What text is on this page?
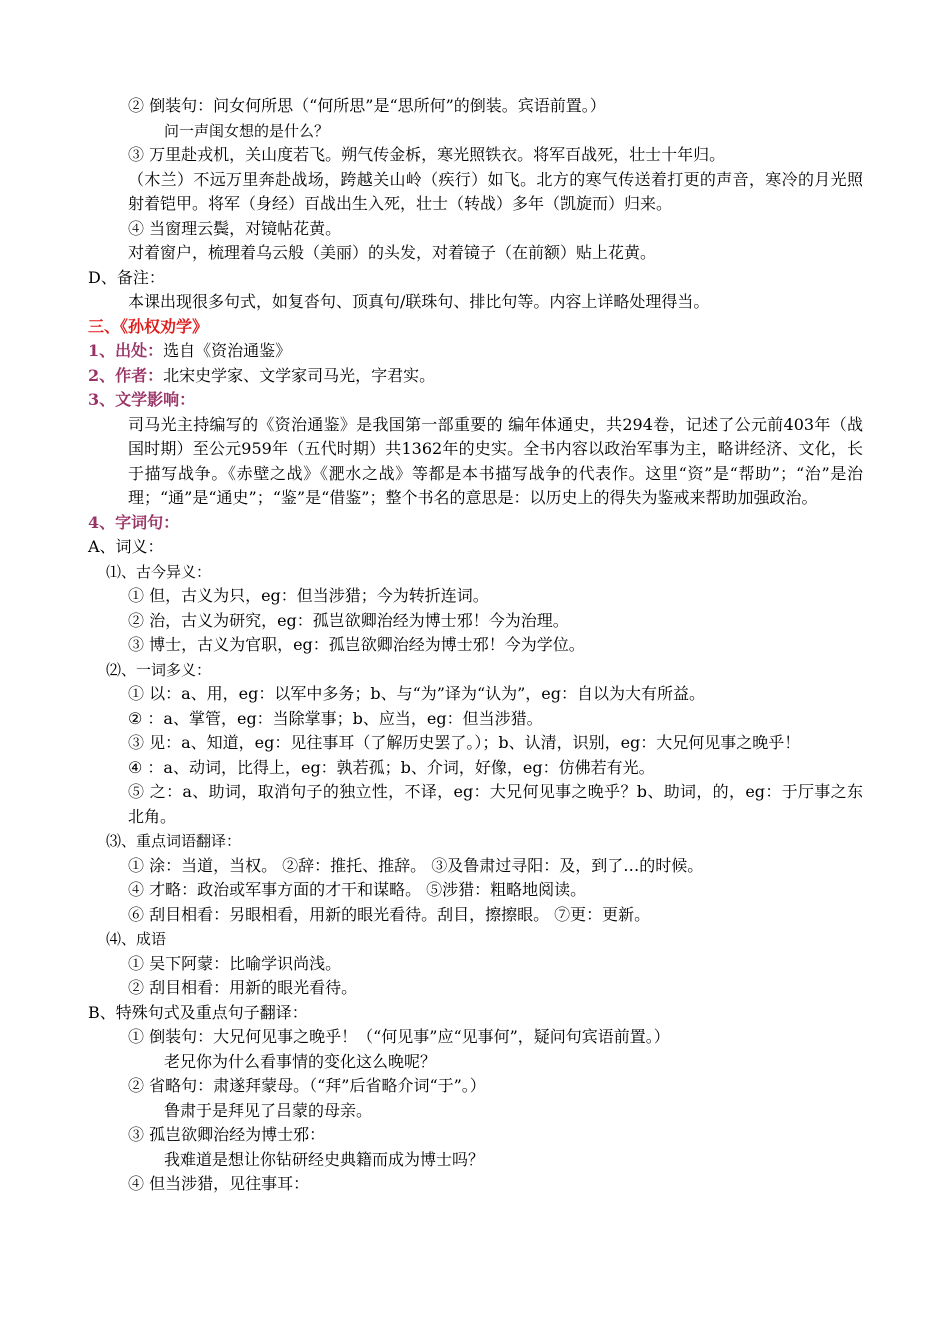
② 倒装句：问女何所思（“何所思”是“思所何”的倒装。宾语前置。）
问一声闺女想的是什么？
③ 万里赴戎机，关山度若飞。朔气传金柝，寒光照铁衣。将军百战死，壮士十年归。
（木兰）不远万里奔赴战场，跨越关山岭（疾行）如飞。北方的寒气传送着打更的声音，寒冷的月光照射着铠甲。将军（身经）百战出生入死，壮士（转战）多年（凯旋而）归来。
④ 当窗理云鬓，对镜帖花黄。
对着窗户，梳理着乌云般（美丽）的头发，对着镜子（在前额）贴上花黄。
D、备注：
本课出现很多句式，如复沓句、顶真句/联珠句、排比句等。内容上详略处理得当。
三、《孙权劝学》
1、出处：选自《资治通鉴》
2、作者：北宋史学家、文学家司马光，字君实。
3、文学影响：
司马光主持编写的《资治通鉴》是我国第一部重要的 编年体通史，共294卷，记述了公元前403年（战国时期）至公元959年（五代时期）共1362年的史实。全书内容以政治军事为主，略讲经济、文化，长于描写战争。《赤壁之战》《淝水之战》等都是本书描写战争的代表作。这里“资”是“帮助”；“治”是治理；“通”是“通史”；“鉴”是“借鉴”；整个书名的意思是：以历史上的得失为鉴戒来帮助加强政治。
4、字词句：
A、词义：
⑴、古今异义：
① 但，古义为只，eg：但当涉猎；今为转折连词。
② 治，古义为研究，eg：孤岂欲卿治经为博士邪！今为治理。
③ 博士，古义为官职，eg：孤岂欲卿治经为博士邪！今为学位。
⑵、一词多义：
① 以：a、用，eg：以军中多务；b、与“为”译为“认为”，eg：自以为大有所益。
② ：a、掌管，eg：当除掌事；b、应当，eg：但当涉猎。
③ 见：a、知道，eg：见往事耳（了解历史罢了。）；b、认清，识别，eg：大兄何见事之晚乎！
④ ：a、动词，比得上，eg：孰若孤；b、介词，好像，eg：仿佛若有光。
⑤ 之：a、助词，取消句子的独立性，不译，eg：大兄何见事之晚乎？b、助词，的，eg：于厅事之东北角。
⑶、重点词语翻译：
① 涂：当道，当权。 ②辞：推托、推辞。 ③及鲁肃过寻阳：及，到了…的时候。
④ 才略：政治或军事方面的才干和谋略。 ⑤涉猎：粗略地阅读。
⑥ 刮目相看：另眼相看，用新的眼光看待。刮目，擦擦眼。 ⑦更：更新。
⑷、成语
① 吴下阿蒙：比喻学识尚浅。
② 刮目相看：用新的眼光看待。
B、特殊句式及重点句子翻译：
① 倒装句：大兄何见事之晚乎！（“何见事”应“见事何”，疑问句宾语前置。）
老兄你为什么看事情的变化这么晚呢？
② 省略句：肃遂拜蒙母。（“拜”后省略介词“于”。）
鲁肃于是拜见了吕蒙的母亲。
③ 孤岂欲卿治经为博士邪：
我难道是想让你钻研经史典籍而成为博士吗？
④ 但当涉猎，见往事耳：
